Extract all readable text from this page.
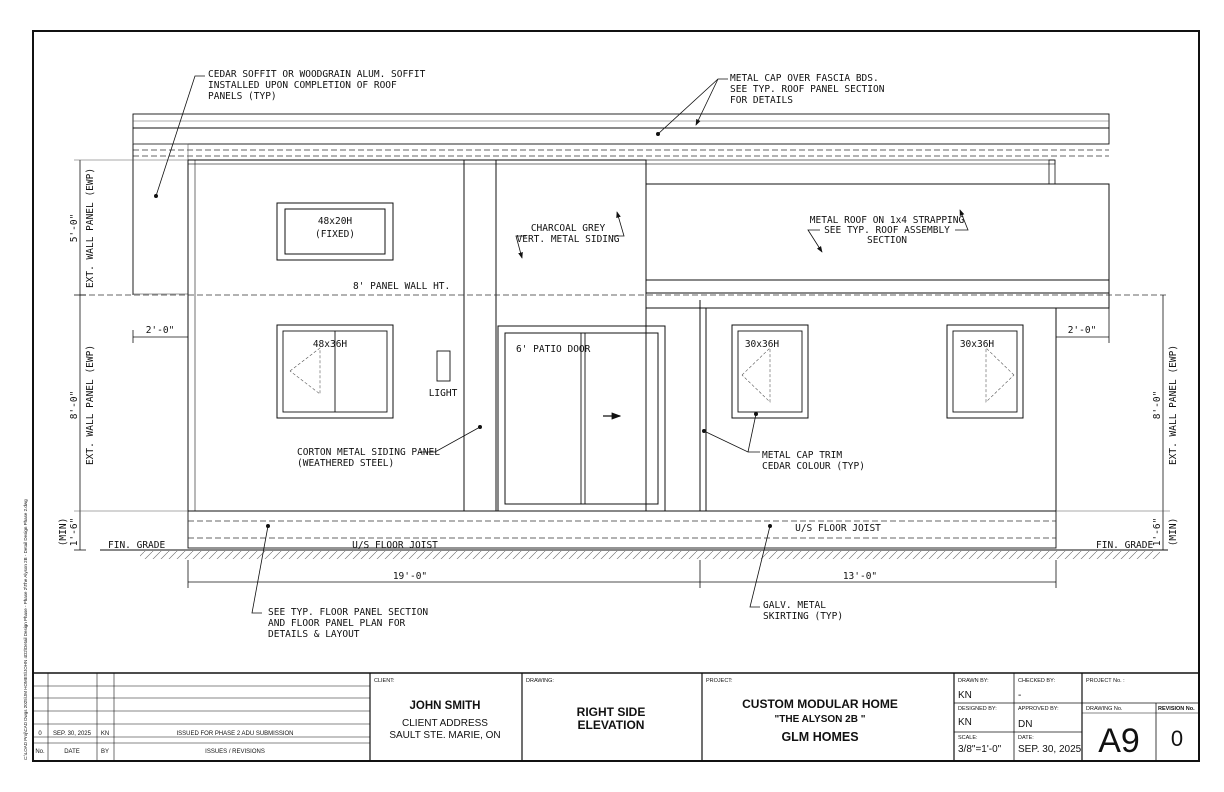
C:\LOAD Proj\CAD Dwgs 2025\JM HOMES\JOHN 4D2\Detail Design Phase - Phase 2\The Alyson 2B - Detail Design Phase 2.dwg
CEDAR SOFFIT OR WOODGRAIN ALUM. SOFFIT
INSTALLED UPON COMPLETION OF ROOF
PANELS (TYP)
METAL CAP OVER FASCIA BDS.
SEE TYP. ROOF PANEL SECTION
FOR DETAILS
CHARCOAL GREY
VERT. METAL SIDING
METAL ROOF ON 1x4 STRAPPING
SEE TYP. ROOF ASSEMBLY
SECTION
8' PANEL WALL HT.
48x20H
(FIXED)
48x36H	30x36H	30x36H
6' PATIO DOOR
LIGHT
CORTON METAL SIDING PANEL
(WEATHERED STEEL)
METAL CAP TRIM
CEDAR COLOUR (TYP)
U/S FLOOR JOIST
U/S FLOOR JOIST
FIN. GRADE	FIN. GRADE
SEE TYP. FLOOR PANEL SECTION
AND FLOOR PANEL PLAN FOR
DETAILS & LAYOUT
GALV. METAL
SKIRTING (TYP)
5'-0" EXT. WALL PANEL (EWP)
8'-0" EXT. WALL PANEL (EWP)
1'-6"
(MIN)
8'-0" EXT. WALL PANEL (EWP)
1'-6" (MIN)
2'-0"	2'-0"
19'-0"	13'-0"
0 SEP. 30, 2025 KN	ISSUED FOR PHASE 2 ADU SUBMISSION
No.	DATE	BY	ISSUES / REVISIONS
CLIENT:
JOHN SMITH
CLIENT ADDRESS
SAULT STE. MARIE, ON
DRAWING:
RIGHT SIDE
ELEVATION
PROJECT:
CUSTOM MODULAR HOME
"THE ALYSON 2B "
GLM HOMES
DRAWN BY:
KN
CHECKED BY:
-
PROJECT No. :
DESIGNED BY:
KN
APPROVED BY:
DN
DRAWING No.	REVISION No.
A9 0
SCALE:
3/8"=1'-0"
DATE:
SEP. 30, 2025
